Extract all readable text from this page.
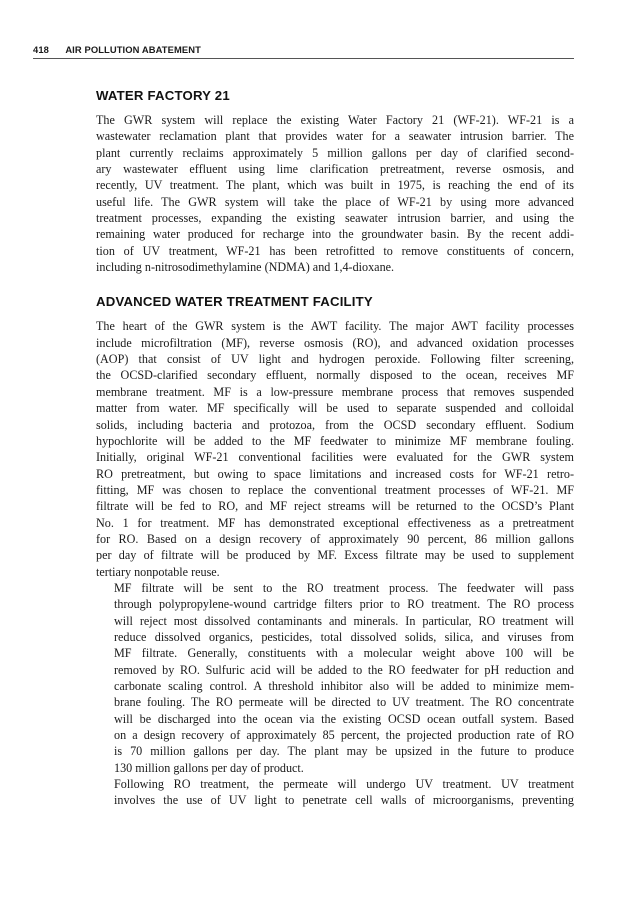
418 AIR POLLUTION ABATEMENT
WATER FACTORY 21

The GWR system will replace the existing Water Factory 21 (WF-21). WF-21 is a
wastewater reclamation plant that provides water for a seawater intrusion barrier. The
plant currently reclaims approximately 5 million gallons per day of clarified second-
ary wastewater effluent using lime clarification pretreatment, reverse osmosis, and
recently, UV treatment. The plant, which was built in 1975, is reaching the end of its
useful life. The GWR system will take the place of WF-21 by using more advanced
treatment processes, expanding the existing seawater intrusion barrier, and using the
remaining water produced for recharge into the groundwater basin. By the recent addi-
tion of UV treatment, WF-21 has been retrofitted to remove constituents of concern,
including n-nitrosodimethylamine (NDMA) and 1,4-dioxane.

ADVANCED WATER TREATMENT FACILITY

The heart of the GWR system is the AWT facility. The major AWT facility processes
include microfiltration (MF), reverse osmosis (RO), and advanced oxidation processes
(AOP) that consist of UV light and hydrogen peroxide. Following filter screening,
the OCSD-clarified secondary effluent, normally disposed to the ocean, receives MF
membrane treatment. MF is a low-pressure membrane process that removes suspended
matter from water. MF specifically will be used to separate suspended and colloidal
solids, including bacteria and protozoa, from the OCSD secondary effluent. Sodium
hypochlorite will be added to the MF feedwater to minimize MF membrane fouling.
Initially, original WF-21 conventional facilities were evaluated for the GWR system
RO pretreatment, but owing to space limitations and increased costs for WF-21 retro-
fitting, MF was chosen to replace the conventional treatment processes of WF-21. MF
filtrate will be fed to RO, and MF reject streams will be returned to the OCSD’s Plant
No. 1 for treatment. MF has demonstrated exceptional effectiveness as a pretreatment
for RO. Based on a design recovery of approximately 90 percent, 86 million gallons
per day of filtrate will be produced by MF. Excess filtrate may be used to supplement
tertiary nonpotable reuse.

MF filtrate will be sent to the RO treatment process. The feedwater will pass
through polypropylene-wound cartridge filters prior to RO treatment. The RO process
will reject most dissolved contaminants and minerals. In particular, RO treatment will
reduce dissolved organics, pesticides, total dissolved solids, silica, and viruses from
MF filtrate. Generally, constituents with a molecular weight above 100 will be
removed by RO. Sulfuric acid will be added to the RO feedwater for pH reduction and
carbonate scaling control. A threshold inhibitor also will be added to minimize mem-
brane fouling. The RO permeate will be directed to UV treatment. The RO concentrate
will be discharged into the ocean via the existing OCSD ocean outfall system. Based
on a design recovery of approximately 85 percent, the projected production rate of RO
is 70 million gallons per day. The plant may be upsized in the future to produce
130 million gallons per day of product.

Following RO treatment, the permeate will undergo UV treatment. UV treatment
involves the use of UV light to penetrate cell walls of microorganisms, preventing
